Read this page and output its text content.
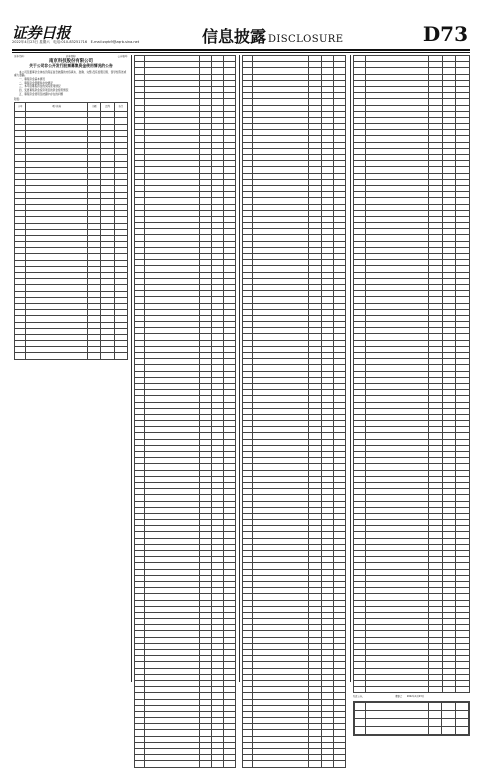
证券日报
2022年4月23日 星期六　电话:010-83251716　E-mail:zqrb9@zqrb.sina.net	信息披露 DISCLOSURE	D73
证券代码:	证券简称:	公告编号:
南京科技股份有限公司
关于公司非公开发行股票募集资金使用情况的公告
本公司及董事会全体成员保证信息披露的内容真实、准确、完整,没有虚假记载、误导性陈述或重大遗漏。
一、募集资金基本情况
二、募集资金管理和存放情况
三、本年度募集资金的实际使用情况
四、变更募集资金投资项目的资金使用情况
五、募集资金使用及披露中存在的问题
附表:
序号	项目名称	金额	比例	备注

特此公告。	董事会 2022年4月23日
